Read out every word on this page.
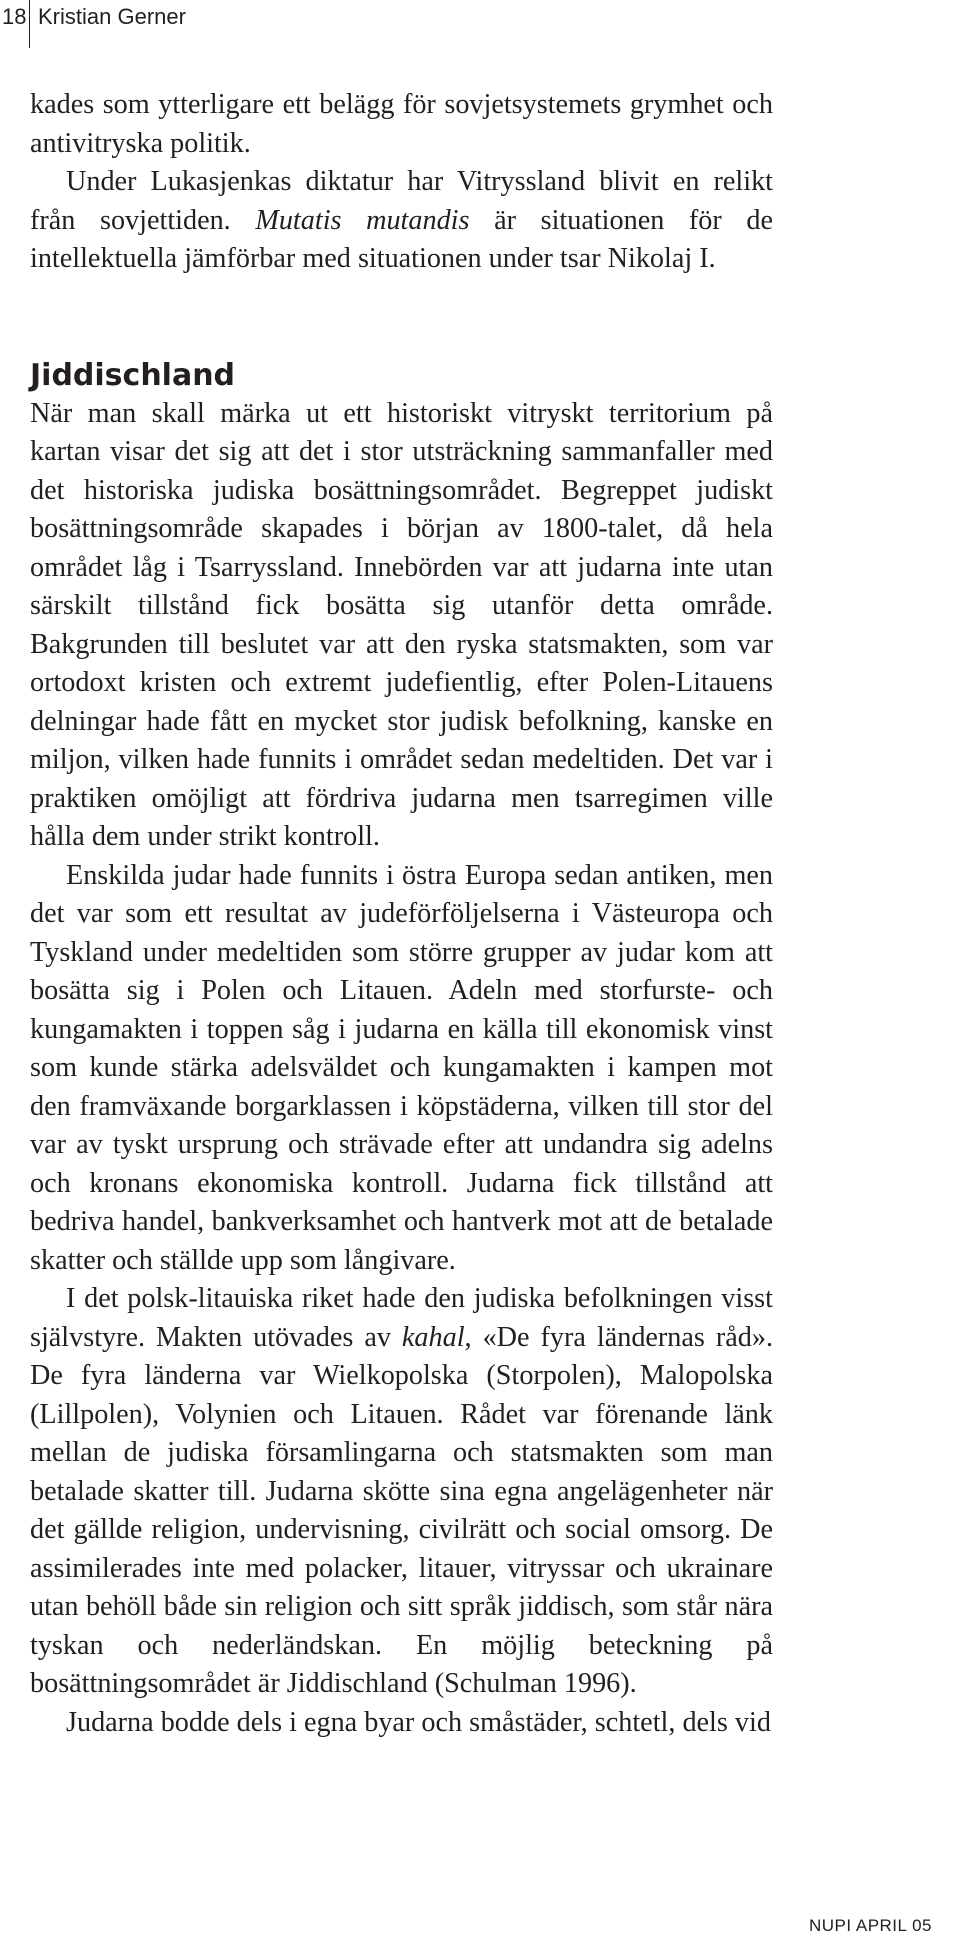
18 Kristian Gerner

kades som ytterligare ett belägg för sovjetsystemets grymhet och antivitryska politik.

Under Lukasjenkas diktatur har Vitryssland blivit en relikt från sovjettiden. Mutatis mutandis är situationen för de intellektuella jämförbar med situationen under tsar Nikolaj I.

Jiddischland

När man skall märka ut ett historiskt vitryskt territorium på kartan visar det sig att det i stor utsträckning sammanfaller med det historiska judiska bosättningsområdet. Begreppet judiskt bosättningsområde skapades i början av 1800-talet, då hela området låg i Tsarryssland. Innebörden var att judarna inte utan särskilt tillstånd fick bosätta sig utanför detta område. Bakgrunden till beslutet var att den ryska statsmakten, som var ortodoxt kristen och extremt judefientlig, efter Polen-Litauens delningar hade fått en mycket stor judisk befolkning, kanske en miljon, vilken hade funnits i området sedan medeltiden. Det var i praktiken omöjligt att fördriva judarna men tsarregimen ville hålla dem under strikt kontroll.

Enskilda judar hade funnits i östra Europa sedan antiken, men det var som ett resultat av judeförföljelserna i Västeuropa och Tyskland under medeltiden som större grupper av judar kom att bosätta sig i Polen och Litauen. Adeln med storfurste- och kungamakten i toppen såg i judarna en källa till ekonomisk vinst som kunde stärka adelsväldet och kungamakten i kampen mot den framväxande borgarklassen i köpstäderna, vilken till stor del var av tyskt ursprung och strävade efter att undandra sig adelns och kronans ekonomiska kontroll. Judarna fick tillstånd att bedriva handel, bankverksamhet och hantverk mot att de betalade skatter och ställde upp som långivare.

I det polsk-litauiska riket hade den judiska befolkningen visst självstyre. Makten utövades av kahal, «De fyra ländernas råd». De fyra länderna var Wielkopolska (Storpolen), Malopolska (Lillpolen), Volynien och Litauen. Rådet var förenande länk mellan de judiska församlingarna och statsmakten som man betalade skatter till. Judarna skötte sina egna angelägenheter när det gällde religion, undervisning, civilrätt och social omsorg. De assimilerades inte med polacker, litauer, vitryssar och ukrainare utan behöll både sin religion och sitt språk jiddisch, som står nära tyskan och nederländskan. En möjlig beteckning på bosättningsområdet är Jiddischland (Schulman 1996).

Judarna bodde dels i egna byar och småstäder, schtetl, dels vid

NUPI APRIL 05
